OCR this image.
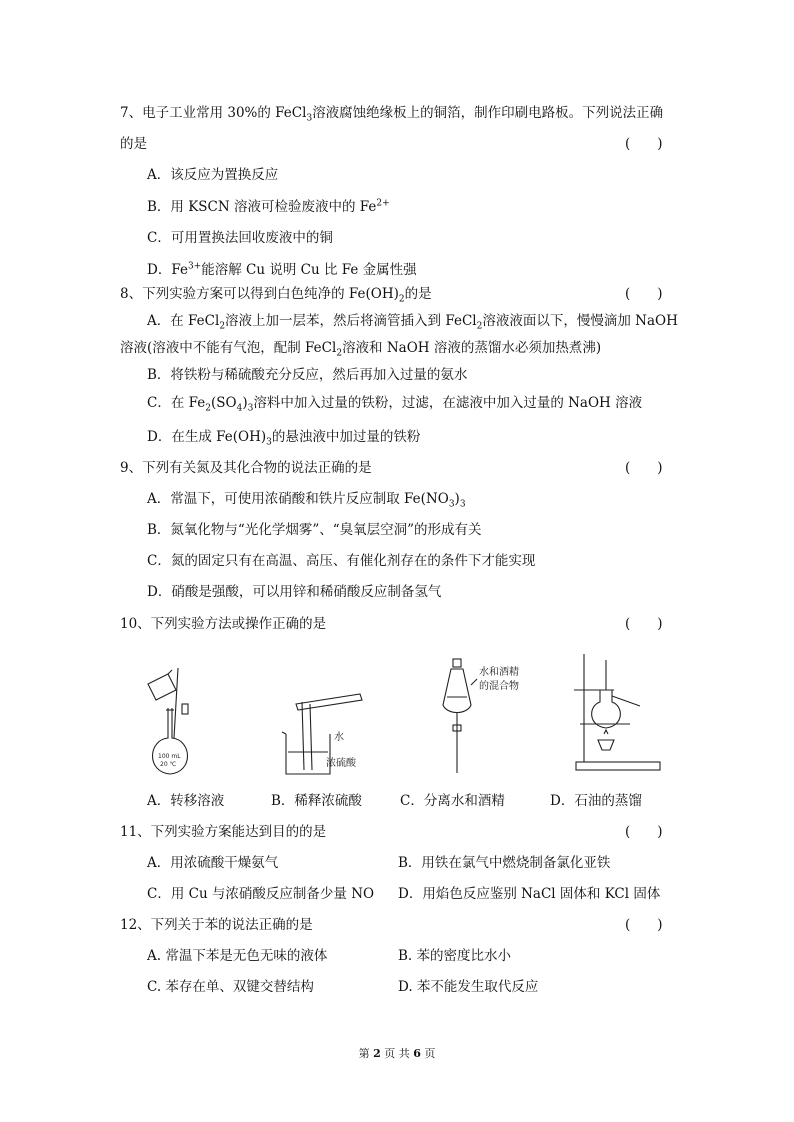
7、电子工业常用 30%的 FeCl$_3$溶液腐蚀绝缘板上的铜箔，制作印刷电路板。下列说法正确
的是	(　　)
A．该反应为置换反应
B．用 KSCN 溶液可检验废液中的 $Fe^{2+}$
C．可用置换法回收废液中的铜
D．$Fe^{3+}$能溶解 Cu 说明 Cu 比 Fe 金属性强
8、下列实验方案可以得到白色纯净的 $Fe(OH)_2$的是	(　　)
A．在 FeCl$_2$溶液上加一层苯，然后将滴管插入到 FeCl$_2$溶液液面以下，慢慢滴加 NaOH
溶液(溶液中不能有气泡，配制 FeCl$_2$溶液和 NaOH 溶液的蒸馏水必须加热煮沸)
B．将铁粉与稀硫酸充分反应，然后再加入过量的氨水
C．在 $Fe_2(SO_4)_3$溶料中加入过量的铁粉，过滤，在滤液中加入过量的 NaOH 溶液
D．在生成 $Fe(OH)_3$的悬浊液中加过量的铁粉
9、下列有关氮及其化合物的说法正确的是	(　　)
A．常温下，可使用浓硝酸和铁片反应制取 $Fe(NO_3)_3$
B．氮氧化物与“光化学烟雾”、“臭氧层空洞”的形成有关
C．氮的固定只有在高温、高压、有催化剂存在的条件下才能实现
D．硝酸是强酸，可以用锌和稀硝酸反应制备氢气
10、下列实验方法或操作正确的是	(　　)
100 mL
20 ℃
水
浓硫酸
水和酒精
的混合物
A．转移溶液	B．稀释浓硫酸	C．分离水和酒精	D．石油的蒸馏
11、下列实验方案能达到目的的是	(　　)
A．用浓硫酸干燥氨气	B．用铁在氯气中燃烧制备氯化亚铁
C．用 Cu 与浓硝酸反应制备少量 NO D．用焰色反应鉴别 NaCl 固体和 KCl 固体
12、下列关于苯的说法正确的是	(　　)
A. 常温下苯是无色无味的液体	B. 苯的密度比水小
C. 苯存在单、双键交替结构	D. 苯不能发生取代反应
第 2 页 共 6 页
